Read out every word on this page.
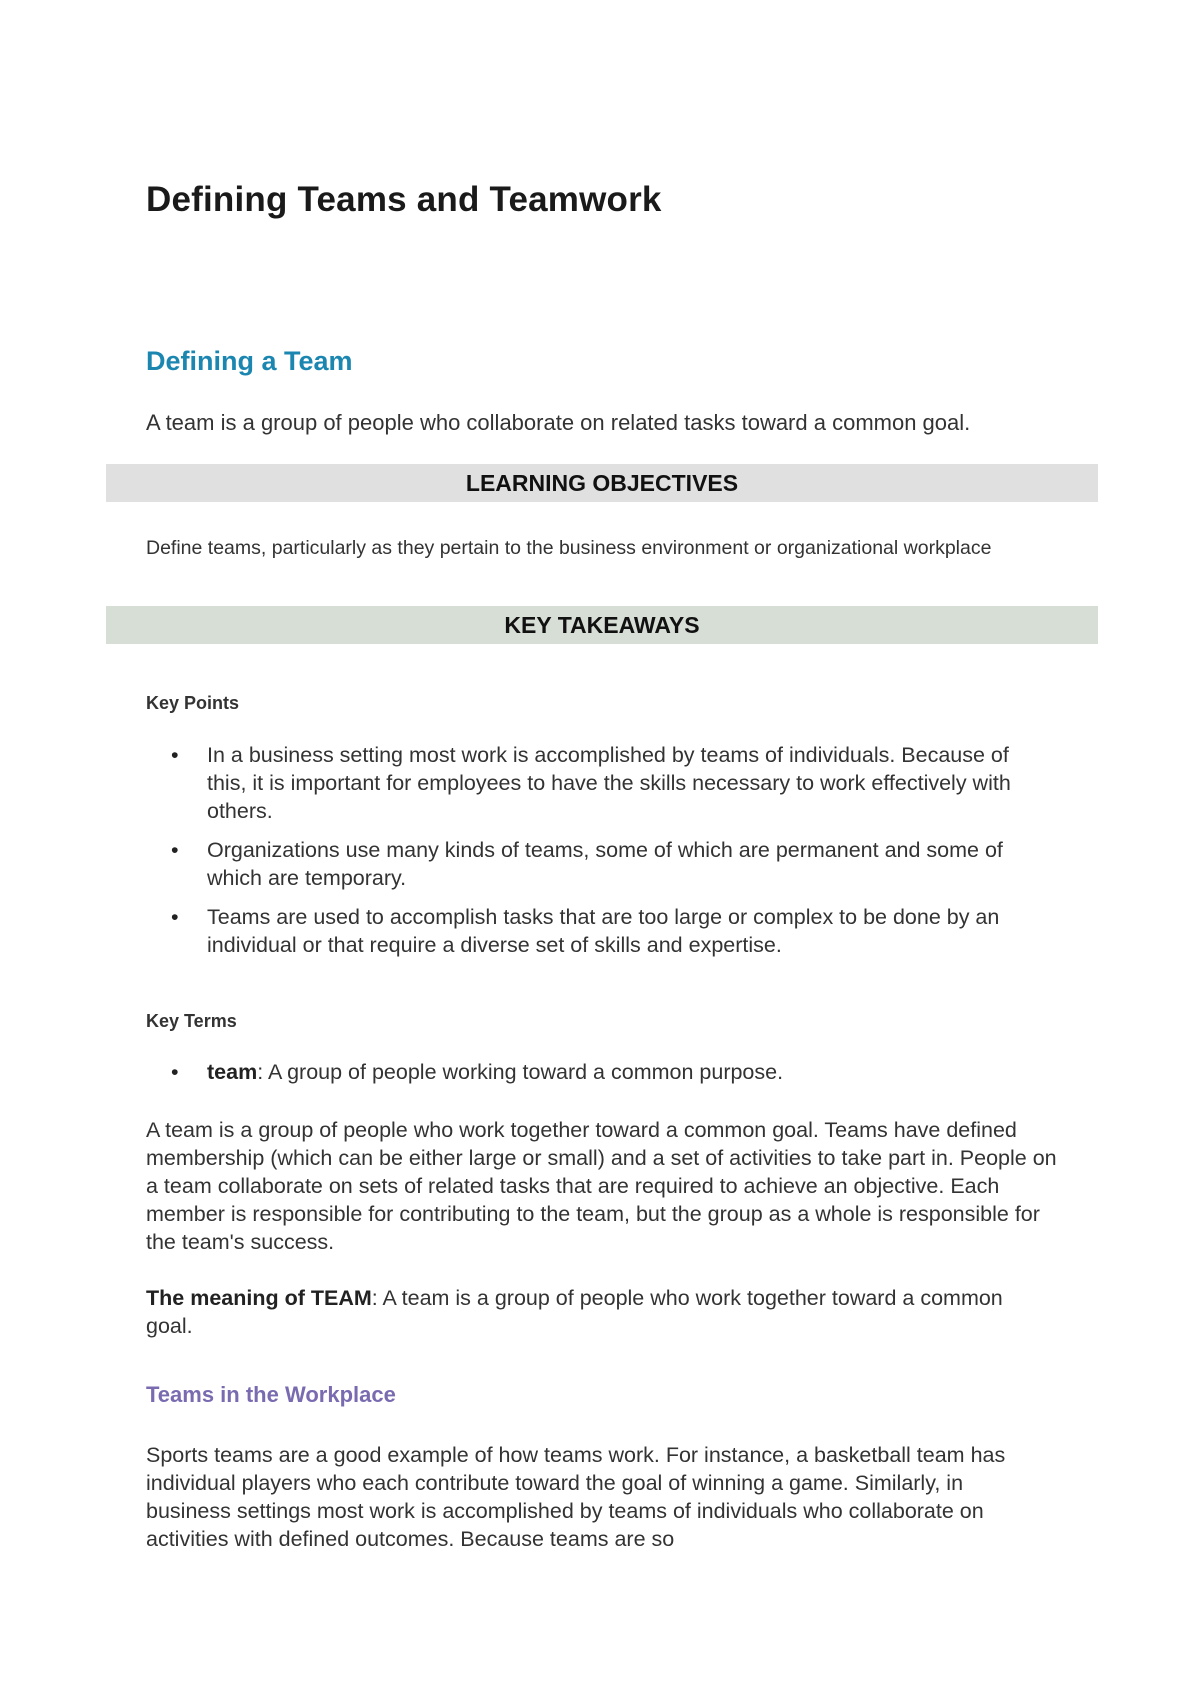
Defining Teams and Teamwork
Defining a Team

A team is a group of people who collaborate on related tasks toward a common goal.

LEARNING OBJECTIVES

Define teams, particularly as they pertain to the business environment or organizational workplace

KEY TAKEAWAYS

Key Points

• In a business setting most work is accomplished by teams of individuals. Because of this, it is important for employees to have the skills necessary to work effectively with others.
• Organizations use many kinds of teams, some of which are permanent and some of which are temporary.
• Teams are used to accomplish tasks that are too large or complex to be done by an individual or that require a diverse set of skills and expertise.

Key Terms

• team: A group of people working toward a common purpose.

A team is a group of people who work together toward a common goal. Teams have defined membership (which can be either large or small) and a set of activities to take part in. People on a team collaborate on sets of related tasks that are required to achieve an objective. Each member is responsible for contributing to the team, but the group as a whole is responsible for the team's success.

The meaning of TEAM: A team is a group of people who work together toward a common goal.

Teams in the Workplace

Sports teams are a good example of how teams work. For instance, a basketball team has individual players who each contribute toward the goal of winning a game. Similarly, in business settings most work is accomplished by teams of individuals who collaborate on activities with defined outcomes. Because teams are so
